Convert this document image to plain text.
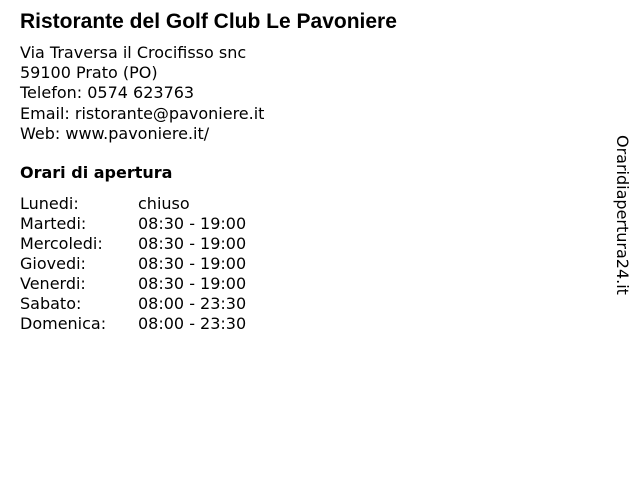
Ristorante del Golf Club Le Pavoniere
Via Traversa il Crocifisso snc
59100 Prato (PO)
Telefon: 0574 623763
Email: ristorante@pavoniere.it
Web: www.pavoniere.it/
Orari di apertura
Lunedi:	chiuso
Martedi:	08:30 - 19:00
Mercoledi:	08:30 - 19:00
Giovedi:	08:30 - 19:00
Venerdi:	08:30 - 19:00
Sabato:	08:00 - 23:30
Domenica:	08:00 - 23:30
Oraridiapertura24.it
